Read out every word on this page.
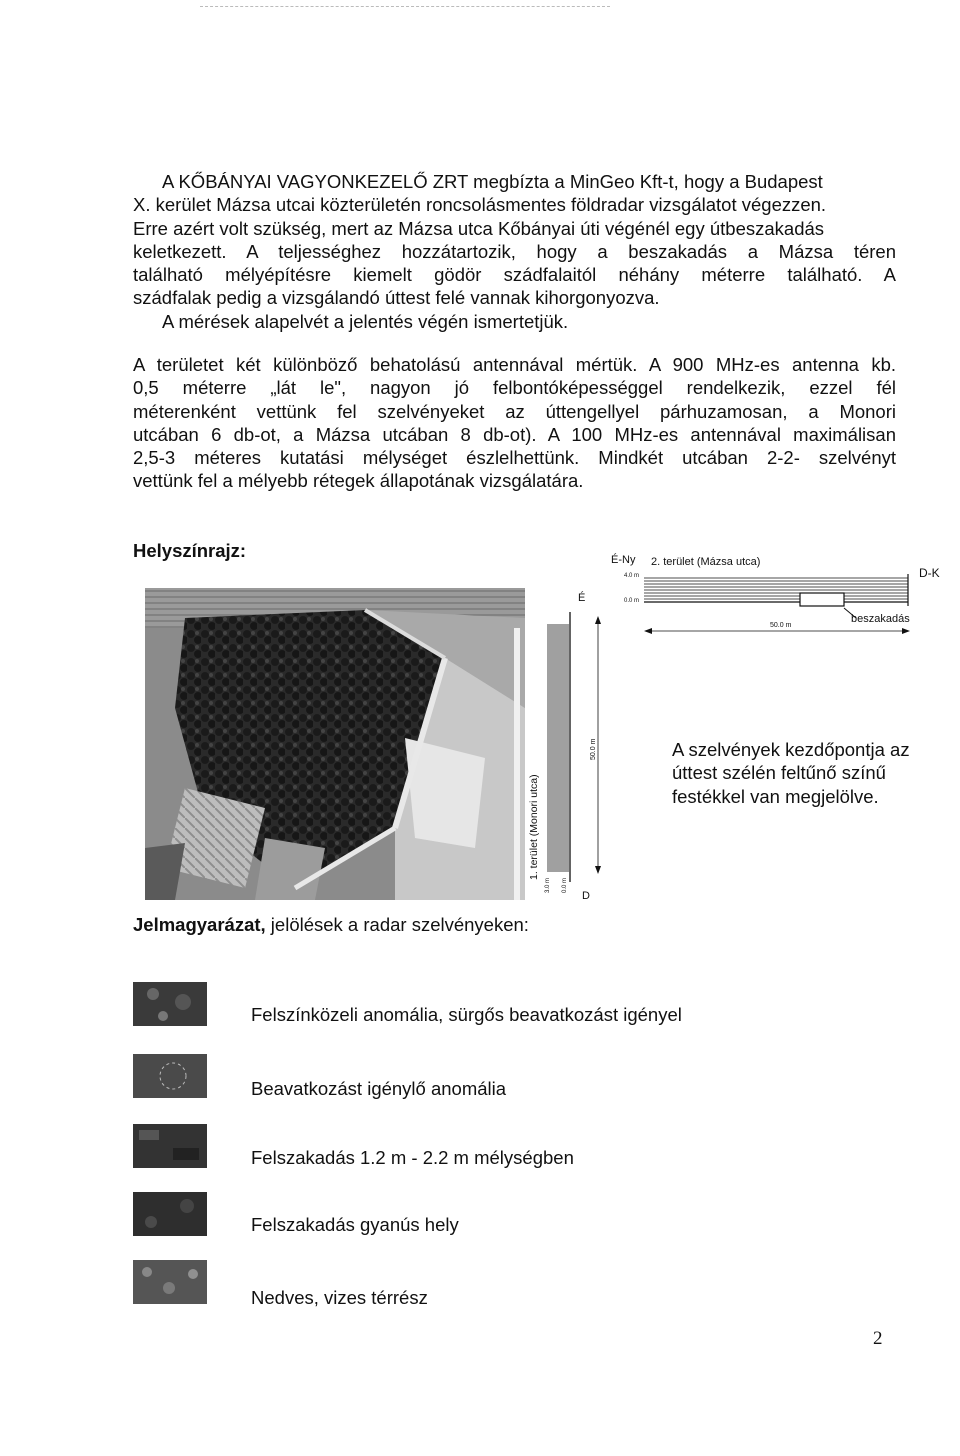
A KŐBÁNYAI VAGYONKEZELŐ ZRT megbízta a MinGeo Kft-t, hogy a Budapest
X. kerület Mázsa utcai közterületén roncsolásmentes földradar vizsgálatot végezzen.
Erre azért volt szükség, mert az Mázsa utca Kőbányai úti végénél egy útbeszakadás
keletkezett. A teljességhez hozzátartozik, hogy a beszakadás a Mázsa téren
található mélyépítésre kiemelt gödör szádfalaitól néhány méterre található. A
szádfalak pedig a vizsgálandó úttest felé vannak kihorgonyozva.
A mérések alapelvét a jelentés végén ismertetjük.
A területet két különböző behatolású antennával mértük. A 900 MHz-es antenna kb.
0,5 méterre „lát le", nagyon jó felbontóképességgel rendelkezik, ezzel fél
méterenként vettünk fel szelvényeket az úttengellyel párhuzamosan, a Monori
utcában 6 db-ot, a Mázsa utcában 8 db-ot). A 100 MHz-es antennával maximálisan
2,5-3 méteres kutatási mélységet észlelhettünk. Mindkét utcában 2-2- szelvényt
vettünk fel a mélyebb rétegek állapotának vizsgálatára.
Helyszínrajz:
É
D
50.0 m
3.0 m 0.0 m
1. terület (Monori utca)
É-Ny 2. terület (Mázsa utca)
D-K
4.0 m
0.0 m
50.0 m
beszakadás
A szelvények kezdőpontja az
úttest szélén feltűnő színű
festékkel van megjelölve.
Jelmagyarázat, jelölések a radar szelvényeken:
Felszínközeli anomália, sürgős beavatkozást igényel
Beavatkozást igénylő anomália
Felszakadás 1.2 m - 2.2 m mélységben
Felszakadás gyanús hely
Nedves, vizes térrész
2
